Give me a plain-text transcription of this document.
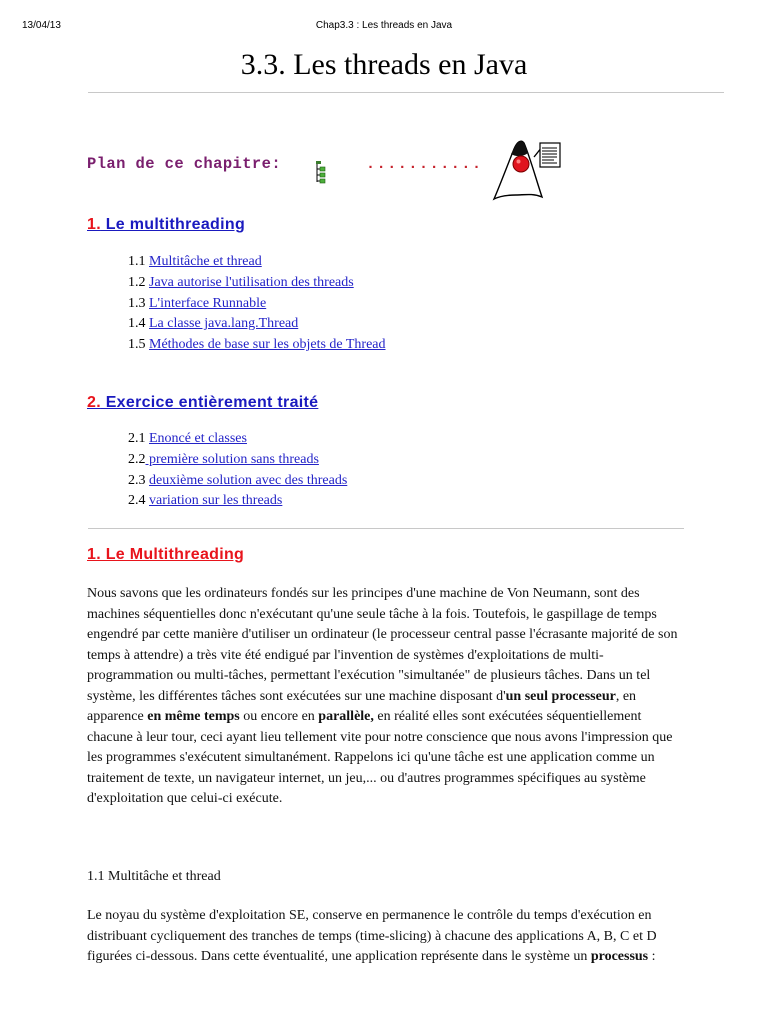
13/04/13	Chap3.3 : Les threads en Java
3.3. Les threads en Java
Plan de ce chapitre:	...........
1. Le multithreading
1.1 Multitâche et thread
1.2 Java autorise l'utilisation des threads
1.3 L'interface Runnable
1.4 La classe java.lang.Thread
1.5 Méthodes de base sur les objets de Thread
2. Exercice entièrement traité
2.1 Enoncé et classes
2.2 première solution sans threads
2.3 deuxième solution avec des threads
2.4 variation sur les threads
1. Le Multithreading

Nous savons que les ordinateurs fondés sur les principes d'une machine de Von Neumann, sont des machines séquentielles donc n'exécutant qu'une seule tâche à la fois. Toutefois, le gaspillage de temps engendré par cette manière d'utiliser un ordinateur (le processeur central passe l'écrasante majorité de son temps à attendre) a très vite été endigué par l'invention de systèmes d'exploitations de multi-programmation ou multi-tâches, permettant l'exécution "simultanée" de plusieurs tâches. Dans un tel système, les différentes tâches sont exécutées sur une machine disposant d'un seul processeur, en apparence en même temps ou encore en parallèle, en réalité elles sont exécutées séquentiellement chacune à leur tour, ceci ayant lieu tellement vite pour notre conscience que nous avons l'impression que les programmes s'exécutent simultanément. Rappelons ici qu'une tâche est une application comme un traitement de texte, un navigateur internet, un jeu,... ou d'autres programmes spécifiques au système d'exploitation que celui-ci exécute.

1.1 Multitâche et thread

Le noyau du système d'exploitation SE, conserve en permanence le contrôle du temps d'exécution en distribuant cycliquement des tranches de temps (time-slicing) à chacune des applications A, B, C et D figurées ci-dessous. Dans cette éventualité, une application représente dans le système un processus :
